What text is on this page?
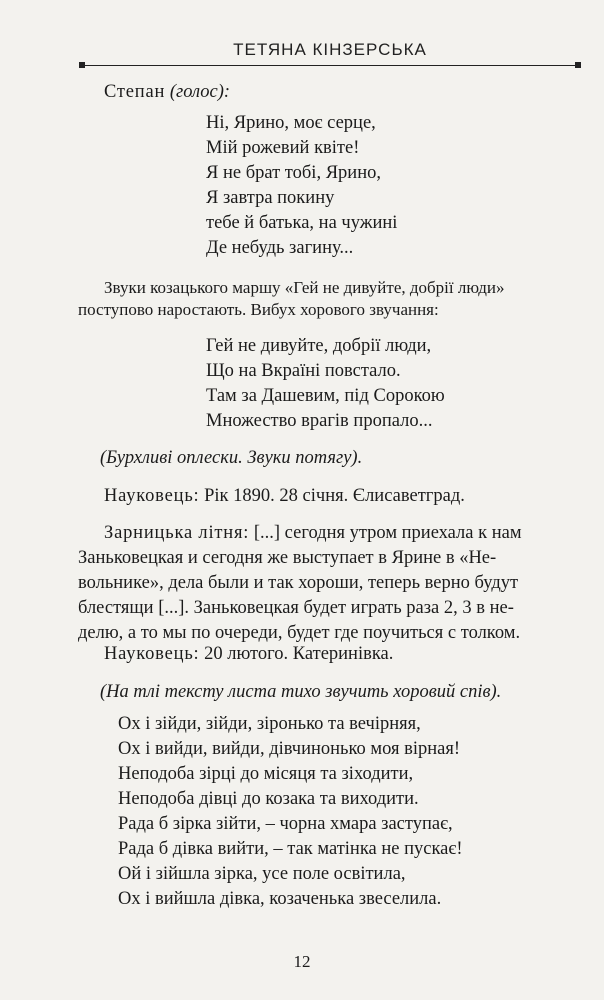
ТЕТЯНА КІНЗЕРСЬКА
Степан (голос):
Ні, Ярино, моє серце,
Мій рожевий квіте!
Я не брат тобі, Ярино,
Я завтра покину
тебе й батька, на чужині
Де небудь загину...
Звуки козацького маршу «Гей не дивуйте, добрії люди»
поступово наростають. Вибух хорового звучання:
Гей не дивуйте, добрії люди,
Що на Вкраїні повстало.
Там за Дашевим, під Сорокою
Множество врагів пропало...
(Бурхливі оплески. Звуки потягу).
Науковець: Рік 1890. 28 січня. Єлисаветград.
Зарницька літня: [...] сегодня утром приехала к нам
Заньковецкая и сегодня же выступает в Ярине в «Не-
вольнике», дела были и так хороши, теперь верно будут
блестящи [...]. Заньковецкая будет играть раза 2, 3 в не-
делю, а то мы по очереди, будет где поучиться с толком.
Науковець: 20 лютого. Катеринівка.
(На тлі тексту листа тихо звучить хоровий спів).
Ох і зійди, зійди, зіронько та вечірняя,
Ох і вийди, вийди, дівчинонько моя вірная!
Неподоба зірці до місяця та зіходити,
Неподоба дівці до козака та виходити.
Рада б зірка зійти, – чорна хмара заступає,
Рада б дівка вийти, – так матінка не пускає!
Ой і зійшла зірка, усе поле освітила,
Ох і вийшла дівка, козаченька звеселила.
12
